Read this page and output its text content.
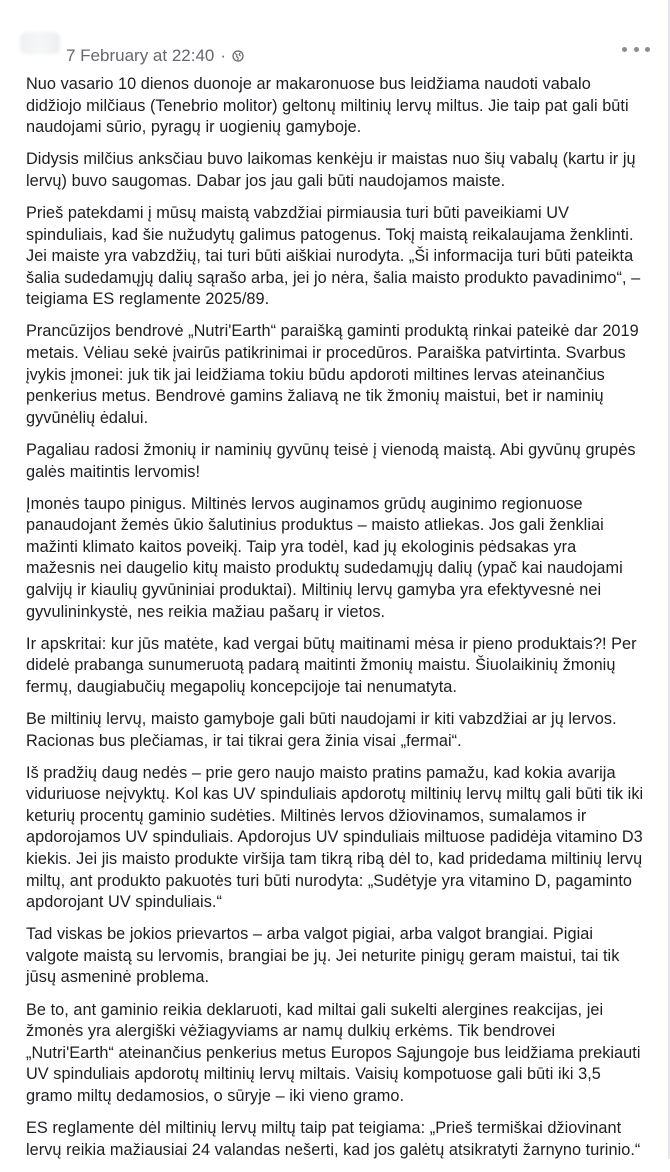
7 February at 22:40 ·

Nuo vasario 10 dienos duonoje ar makaronuose bus leidžiama naudoti vabalo didžiojo milčiaus (Tenebrio molitor) geltonų miltinių lervų miltus. Jie taip pat gali būti naudojami sūrio, pyragų ir uogienių gamyboje.

Didysis milčius anksčiau buvo laikomas kenkėju ir maistas nuo šių vabalų (kartu ir jų lervų) buvo saugomas. Dabar jos jau gali būti naudojamos maiste.

Prieš patekdami į mūsų maistą vabzdžiai pirmiausia turi būti paveikiami UV spinduliais, kad šie nužudytų galimus patogenus. Tokį maistą reikalaujama ženklinti. Jei maiste yra vabzdžių, tai turi būti aiškiai nurodyta. „Ši informacija turi būti pateikta šalia sudedamųjų dalių sąrašo arba, jei jo nėra, šalia maisto produkto pavadinimo“, – teigiama ES reglamente 2025/89.

Prancūzijos bendrovė „Nutri'Earth“ paraišką gaminti produktą rinkai pateikė dar 2019 metais. Vėliau sekė įvairūs patikrinimai ir procedūros. Paraiška patvirtinta. Svarbus įvykis įmonei: juk tik jai leidžiama tokiu būdu apdoroti miltines lervas ateinančius penkerius metus. Bendrovė gamins žaliavą ne tik žmonių maistui, bet ir naminių gyvūnėlių ėdalui.

Pagaliau radosi žmonių ir naminių gyvūnų teisė į vienodą maistą. Abi gyvūnų grupės galės maitintis lervomis!

Įmonės taupo pinigus. Miltinės lervos auginamos grūdų auginimo regionuose panaudojant žemės ūkio šalutinius produktus – maisto atliekas. Jos gali ženkliai mažinti klimato kaitos poveikį. Taip yra todėl, kad jų ekologinis pėdsakas yra mažesnis nei daugelio kitų maisto produktų sudedamųjų dalių (ypač kai naudojami galvijų ir kiaulių gyvūniniai produktai). Miltinių lervų gamyba yra efektyvesnė nei gyvulininkystė, nes reikia mažiau pašarų ir vietos.

Ir apskritai: kur jūs matėte, kad vergai būtų maitinami mėsa ir pieno produktais?! Per didelė prabanga sunumeruotą padarą maitinti žmonių maistu. Šiuolaikinių žmonių fermų, daugiabučių megapolių koncepcijoje tai nenumatyta.

Be miltinių lervų, maisto gamyboje gali būti naudojami ir kiti vabzdžiai ar jų lervos. Racionas bus plečiamas, ir tai tikrai gera žinia visai „fermai“.

Iš pradžių daug nedės – prie gero naujo maisto pratins pamažu, kad kokia avarija viduriuose neįvyktų. Kol kas UV spinduliais apdorotų miltinių lervų miltų gali būti tik iki keturių procentų gaminio sudėties. Miltinės lervos džiovinamos, sumalamos ir apdorojamos UV spinduliais. Apdorojus UV spinduliais miltuose padidėja vitamino D3 kiekis. Jei jis maisto produkte viršija tam tikrą ribą dėl to, kad pridedama miltinių lervų miltų, ant produkto pakuotės turi būti nurodyta: „Sudėtyje yra vitamino D, pagamintо apdorojant UV spinduliais.“

Tad viskas be jokios prievartos – arba valgot pigiai, arba valgot brangiai. Pigiai valgote maistą su lervomis, brangiai be jų. Jei neturite pinigų geram maistui, tai tik jūsų asmeninė problema.

Be to, ant gaminio reikia deklaruoti, kad miltai gali sukelti alergines reakcijas, jei žmonės yra alergiški vėžiagyviams ar namų dulkių erkėms. Tik bendrovei „Nutri'Earth“ ateinančius penkerius metus Europos Sąjungoje bus leidžiama prekiauti UV spinduliais apdorotų miltinių lervų miltais. Vaisių kompotuose gali būti iki 3,5 gramo miltų dedamosios, o sūryje – iki vieno gramo.

ES reglamente dėl miltinių lervų miltų taip pat teigiama: „Prieš termiškai džiovinant lervų reikia mažiausiai 24 valandas nešerti, kad jos galėtų atsikratyti žarnyno turinio.“
